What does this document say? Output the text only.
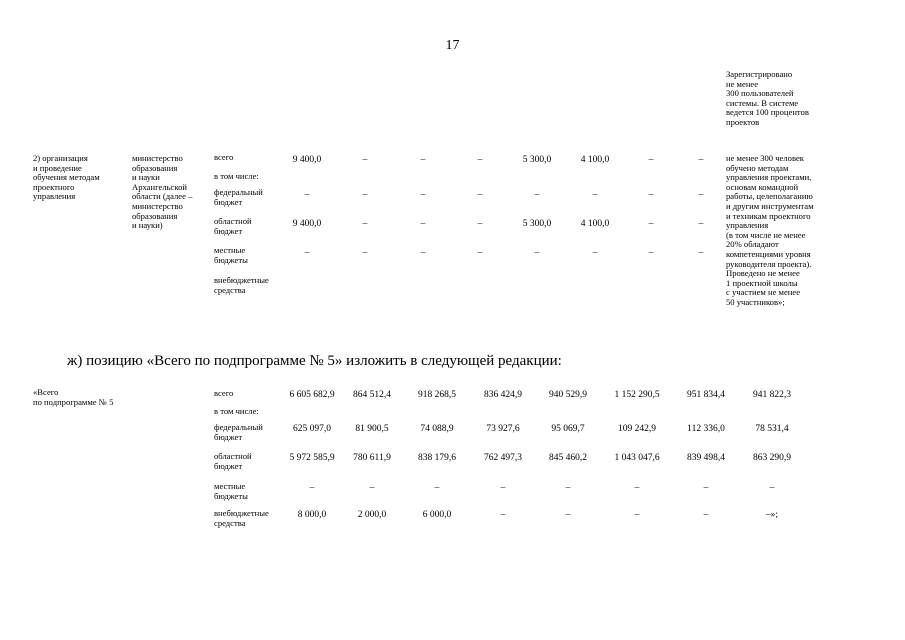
17
Зарегистрировано
не менее
300 пользователей
системы. В системе
ведется 100 процентов
проектов
2) организация
и проведение
обучения методам
проектного
управления
министерство
образования
и науки
Архангельской
области (далее –
министерство
образования
и науки)
не менее 300 человек
обучено методам
управления проектами,
основам командной
работы, целеполаганию
и другим инструментам
и техникам проектного
управления
(в том числе не менее
20% обладают
компетенциями уровня
руководителя проекта).
Проведено не менее
1 проектной школы
с участием не менее
50 участников»;
всего	9 400,0	–	–	–	5 300,0	4 100,0	–	–
в том числе:
федеральный
бюджет
–	–	–	–	–	–	–	–
областной
бюджет
9 400,0	–	–	–	5 300,0	4 100,0	–	–
местные
бюджеты
–	–	–	–	–	–	–	–
внебюджетные
средства
ж) позицию «Всего по подпрограмме № 5» изложить в следующей редакции:
«Всего
по подпрограмме № 5
всего	6 605 682,9	864 512,4	918 268,5	836 424,9	940 529,9	1 152 290,5	951 834,4	941 822,3
в том числе:
федеральный
бюджет
625 097,0	81 900,5	74 088,9	73 927,6	95 069,7	109 242,9	112 336,0	78 531,4
областной
бюджет
5 972 585,9	780 611,9	838 179,6	762 497,3	845 460,2	1 043 047,6	839 498,4	863 290,9
местные
бюджеты
–	–	–	–	–	–	–	–
внебюджетные
средства
8 000,0	2 000,0	6 000,0	–	–	–	–	–»;
